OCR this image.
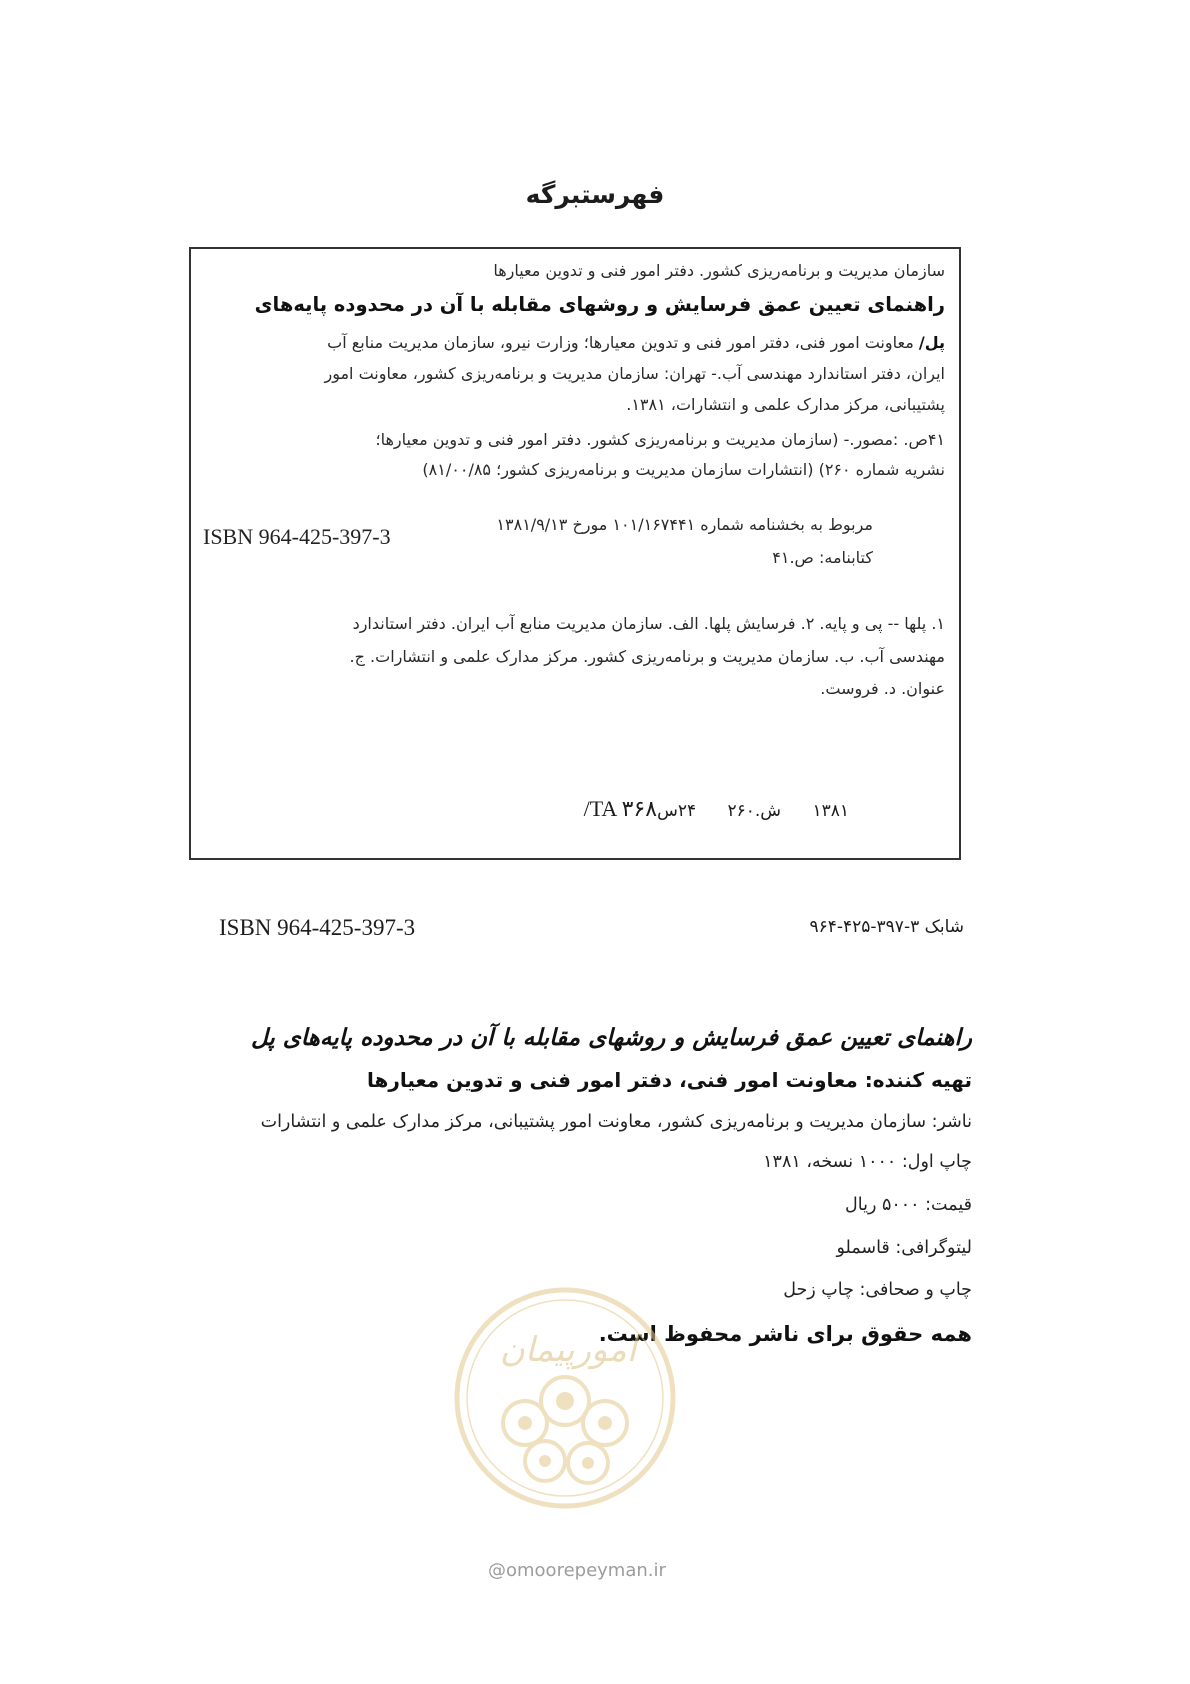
فهرستبرگه
سازمان مدیریت و برنامه‌ریزی کشور. دفتر امور فنی و تدوین معیارها
راهنمای تعیین عمق فرسایش و روشهای مقابله با آن در محدوده پایه‌های
پل/ معاونت امور فنی، دفتر امور فنی و تدوین معیارها؛ وزارت نیرو، سازمان مدیریت منابع آب
ایران، دفتر استاندارد مهندسی آب.- تهران: سازمان مدیریت و برنامه‌ریزی کشور، معاونت امور
پشتیبانی، مرکز مدارک علمی و انتشارات، ۱۳۸۱.
۴۱ص. :مصور.- (سازمان مدیریت و برنامه‌ریزی کشور. دفتر امور فنی و تدوین معیارها؛
نشریه شماره ۲۶۰) (انتشارات سازمان مدیریت و برنامه‌ریزی کشور؛ ۸۱/۰۰/۸۵)
ISBN 964-425-397-3	مربوط به بخشنامه شماره ۱۰۱/۱۶۷۴۴۱ مورخ ۱۳۸۱/۹/۱۳
کتابنامه: ص.۴۱
۱. پلها -- پی و پایه. ۲. فرسایش پلها. الف. سازمان مدیریت منابع آب ایران. دفتر استاندارد
مهندسی آب. ب. سازمان مدیریت و برنامه‌ریزی کشور. مرکز مدارک علمی و انتشارات. ج.
عنوان. د. فروست.
۱۳۸۱ ش.۲۶۰ ۲۴سTA ۳۶۸/
ISBN 964-425-397-3	شابک ۳-۳۹۷-۴۲۵-۹۶۴
راهنمای تعیین عمق فرسایش و روشهای مقابله با آن در محدوده پایه‌های پل
تهیه کننده: معاونت امور فنی، دفتر امور فنی و تدوین معیارها
ناشر: سازمان مدیریت و برنامه‌ریزی کشور، معاونت امور پشتیبانی، مرکز مدارک علمی و انتشارات
چاپ اول: ۱۰۰۰ نسخه، ۱۳۸۱
قیمت: ۵۰۰۰ ریال
لیتوگرافی: قاسملو
چاپ و صحافی: چاپ زحل
همه حقوق برای ناشر محفوظ است.
امورپیمان
@omoorepeyman.ir
